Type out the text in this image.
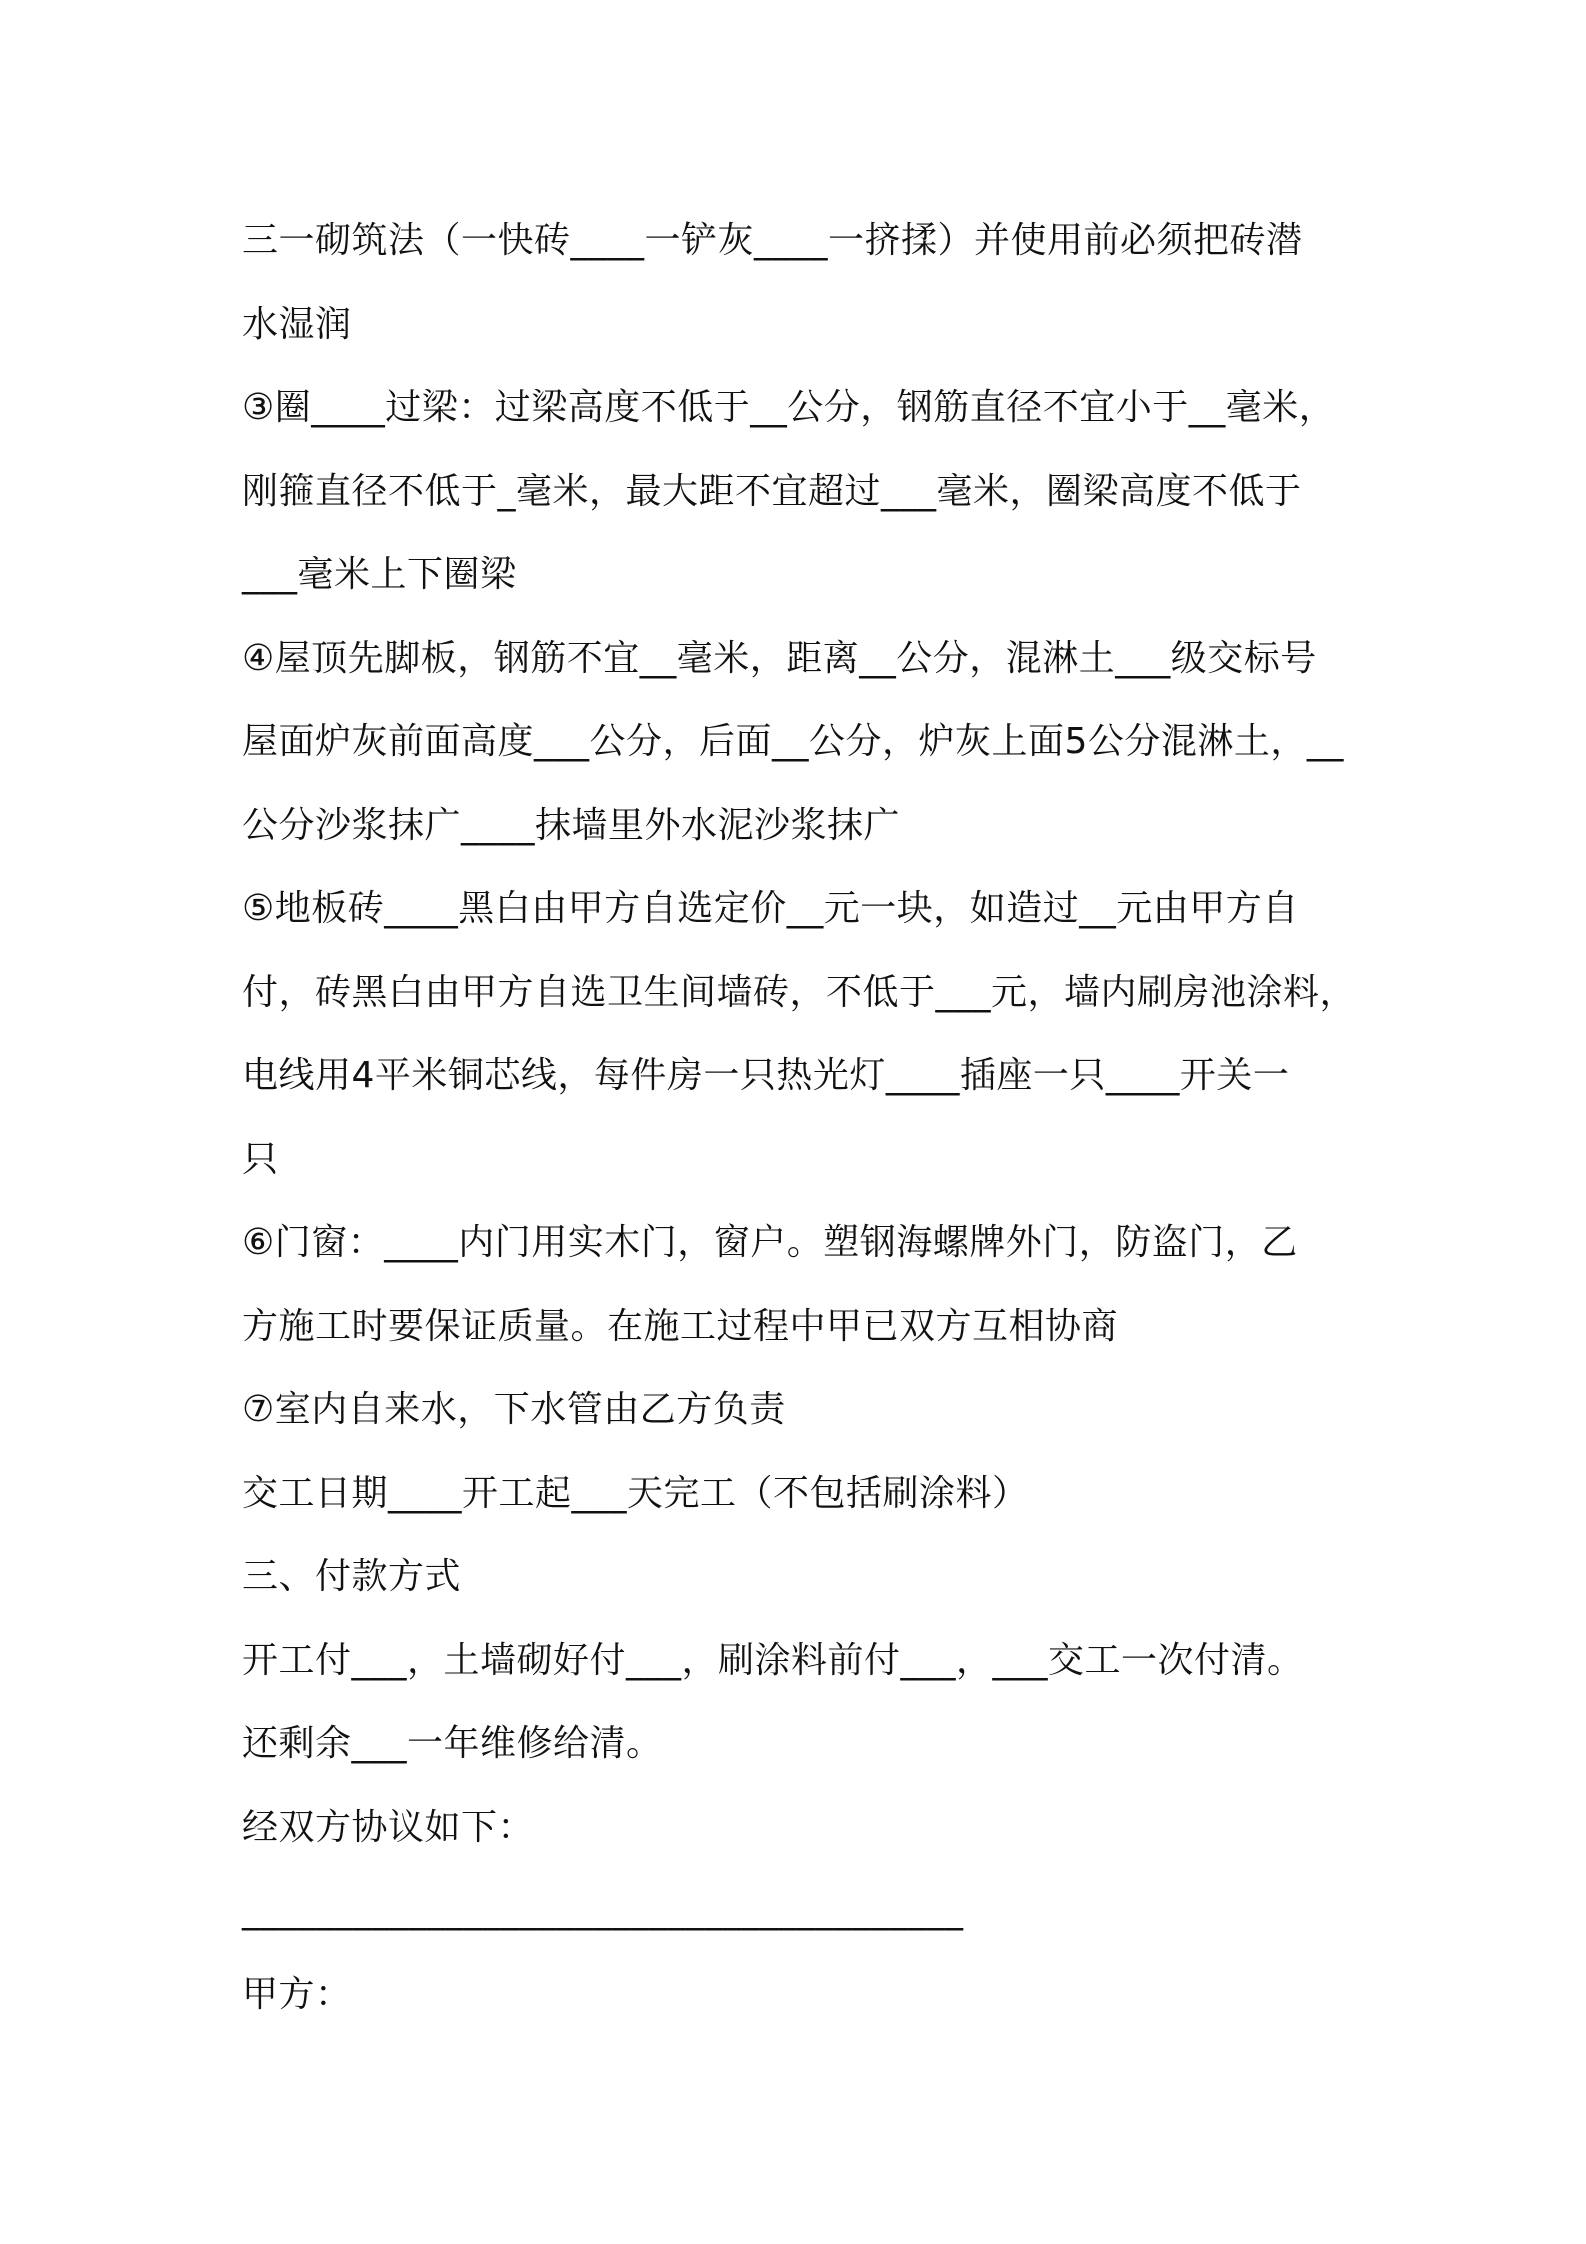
三一砌筑法（一快砖____一铲灰____一挤揉）并使用前必须把砖潜
水湿润
③圈____过梁：过梁高度不低于__公分，钢筋直径不宜小于__毫米，
刚箍直径不低于_毫米，最大距不宜超过___毫米，圈梁高度不低于
___毫米上下圈梁
④屋顶先脚板，钢筋不宜__毫米，距离__公分，混淋土___级交标号
屋面炉灰前面高度___公分，后面__公分，炉灰上面5公分混淋土，__
公分沙浆抹广____抹墙里外水泥沙浆抹广
⑤地板砖____黑白由甲方自选定价__元一块，如造过__元由甲方自
付，砖黑白由甲方自选卫生间墙砖，不低于___元，墙内刷房池涂料，
电线用4平米铜芯线，每件房一只热光灯____插座一只____开关一
只
⑥门窗：____内门用实木门，窗户。塑钢海螺牌外门，防盗门，乙
方施工时要保证质量。在施工过程中甲已双方互相协商
⑦室内自来水，下水管由乙方负责
交工日期____开工起___天完工（不包括刷涂料）
三、付款方式
开工付___，土墙砌好付___，刷涂料前付___，___交工一次付清。
还剩余___一年维修给清。
经双方协议如下：
_______________________________________
甲方：
